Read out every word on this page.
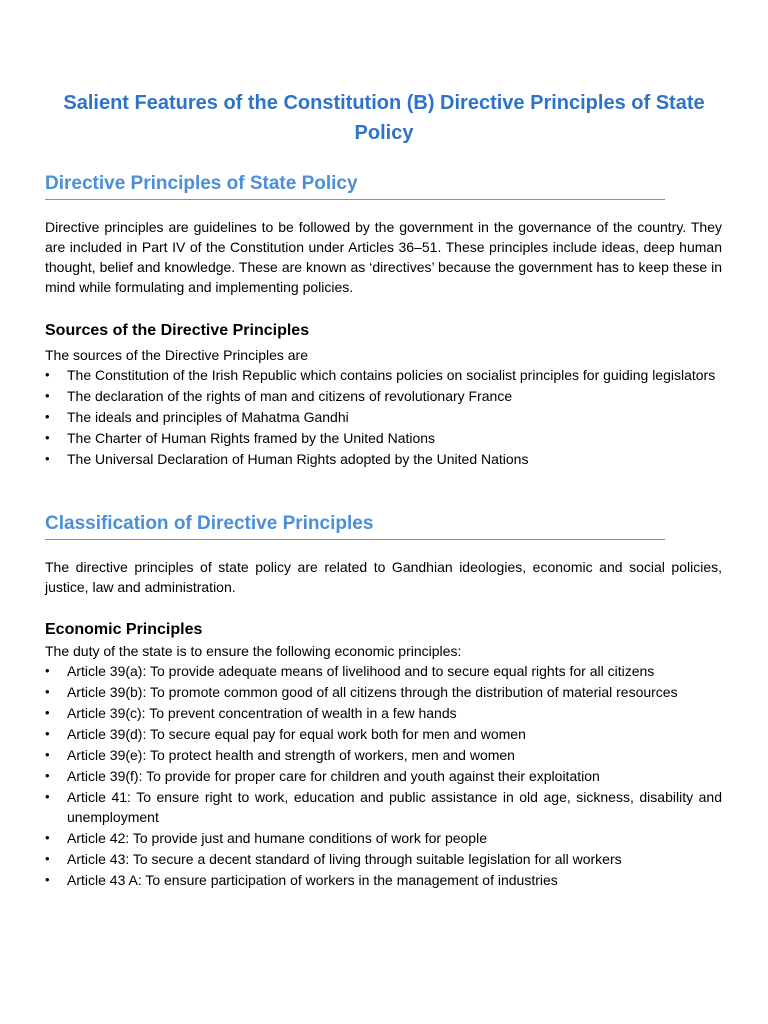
Salient Features of the Constitution (B) Directive Principles of State Policy
Directive Principles of State Policy

Directive principles are guidelines to be followed by the government in the governance of the country. They are included in Part IV of the Constitution under Articles 36–51. These principles include ideas, deep human thought, belief and knowledge. These are known as ‘directives’ because the government has to keep these in mind while formulating and implementing policies.

Sources of the Directive Principles

The sources of the Directive Principles are

•	The Constitution of the Irish Republic which contains policies on socialist principles for guiding legislators
•	The declaration of the rights of man and citizens of revolutionary France
•	The ideals and principles of Mahatma Gandhi
•	The Charter of Human Rights framed by the United Nations
•	The Universal Declaration of Human Rights adopted by the United Nations
Classification of Directive Principles

The directive principles of state policy are related to Gandhian ideologies, economic and social policies, justice, law and administration.

Economic Principles

The duty of the state is to ensure the following economic principles:

•	Article 39(a): To provide adequate means of livelihood and to secure equal rights for all citizens
•	Article 39(b): To promote common good of all citizens through the distribution of material resources
•	Article 39(c): To prevent concentration of wealth in a few hands
•	Article 39(d): To secure equal pay for equal work both for men and women
•	Article 39(e): To protect health and strength of workers, men and women
•	Article 39(f): To provide for proper care for children and youth against their exploitation
•	Article 41: To ensure right to work, education and public assistance in old age, sickness, disability and unemployment
•	Article 42: To provide just and humane conditions of work for people
•	Article 43: To secure a decent standard of living through suitable legislation for all workers
•	Article 43 A: To ensure participation of workers in the management of industries
